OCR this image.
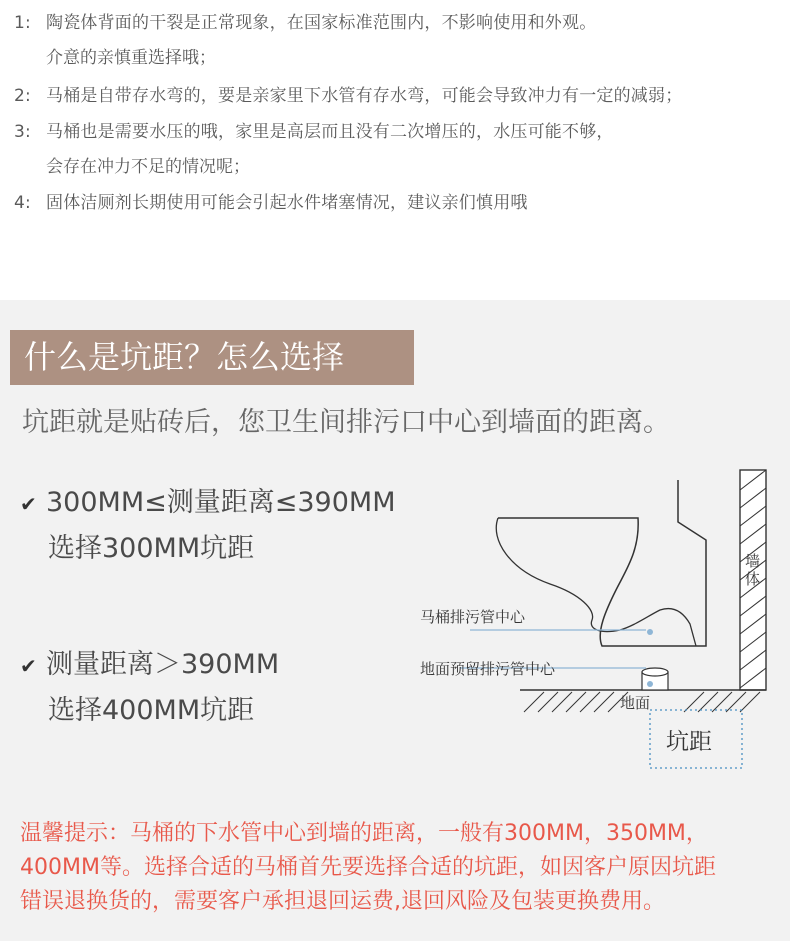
1: 陶瓷体背面的干裂是正常现象，在国家标准范围内，不影响使用和外观。
介意的亲慎重选择哦；
2: 马桶是自带存水弯的，要是亲家里下水管有存水弯，可能会导致冲力有一定的减弱；
3: 马桶也是需要水压的哦，家里是高层而且没有二次增压的，水压可能不够，
会存在冲力不足的情况呢；
4: 固体洁厕剂长期使用可能会引起水件堵塞情况，建议亲们慎用哦
什么是坑距？怎么选择
坑距就是贴砖后，您卫生间排污口中心到墙面的距离。
✔ 300MM≤测量距离≤390MM
选择300MM坑距
✔ 测量距离＞390MM
选择400MM坑距
马桶排污管中心
地面预留排污管中心
墙
体
地面
坑距
温馨提示：马桶的下水管中心到墙的距离，一般有300MM，350MM，
400MM等。选择合适的马桶首先要选择合适的坑距，如因客户原因坑距
错误退换货的，需要客户承担退回运费,退回风险及包装更换费用。
